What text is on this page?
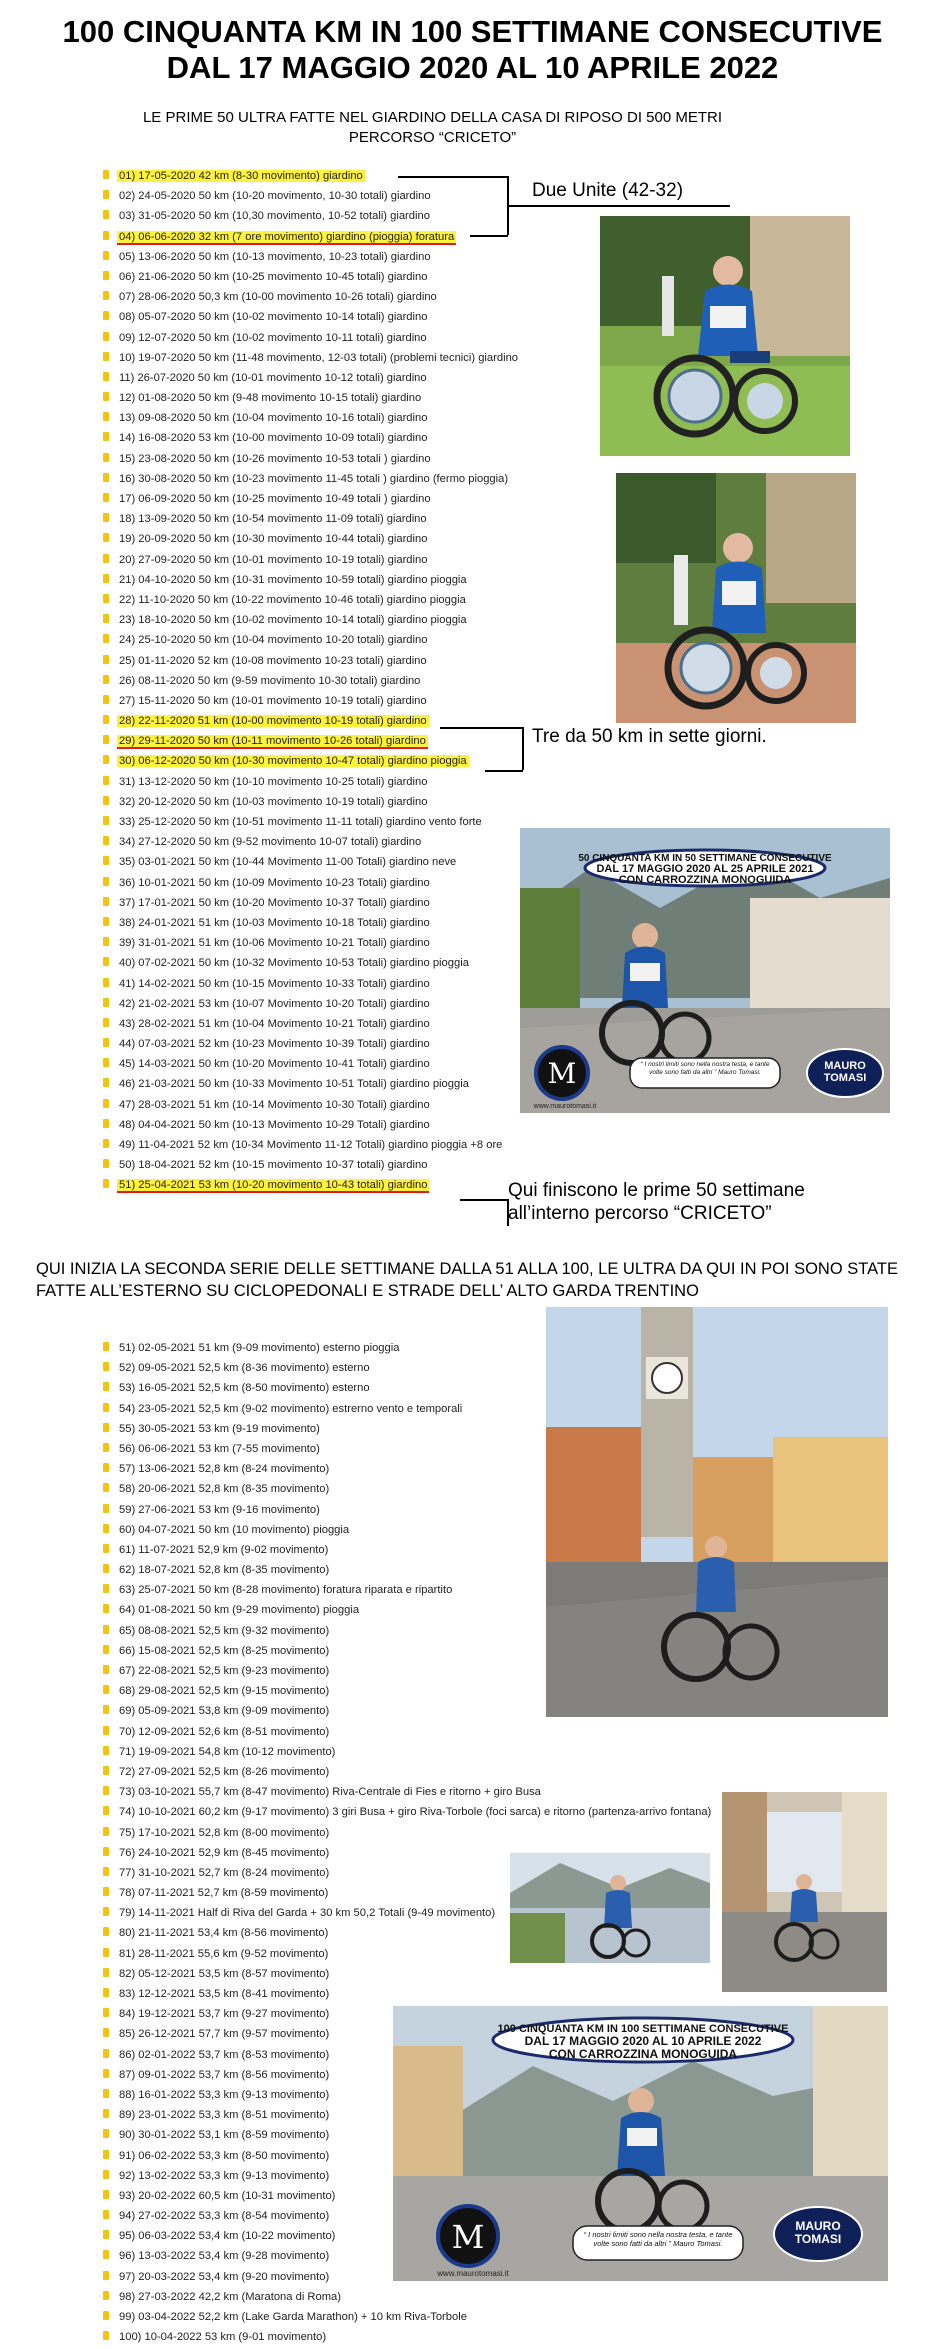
100 CINQUANTA KM IN 100 SETTIMANE CONSECUTIVE
DAL 17 MAGGIO 2020 AL 10 APRILE 2022
LE PRIME 50 ULTRA FATTE NEL GIARDINO DELLA CASA DI RIPOSO DI 500 METRI
PERCORSO “CRICETO”
01) 17-05-2020 42 km (8-30 movimento) giardino
02) 24-05-2020 50 km (10-20 movimento, 10-30 totali) giardino
03) 31-05-2020 50 km (10,30 movimento, 10-52 totali) giardino
04) 06-06-2020 32 km (7 ore movimento) giardino (pioggia) foratura
05) 13-06-2020 50 km (10-13 movimento, 10-23 totali) giardino
06) 21-06-2020 50 km (10-25 movimento 10-45 totali) giardino
07) 28-06-2020 50,3 km (10-00 movimento 10-26 totali) giardino
08) 05-07-2020 50 km (10-02 movimento 10-14 totali) giardino
09) 12-07-2020 50 km (10-02 movimento 10-11 totali) giardino
10) 19-07-2020 50 km (11-48 movimento, 12-03 totali) (problemi tecnici) giardino
11) 26-07-2020 50 km (10-01 movimento 10-12 totali) giardino
12) 01-08-2020 50 km (9-48 movimento 10-15 totali) giardino
13) 09-08-2020 50 km (10-04 movimento 10-16 totali) giardino
14) 16-08-2020 53 km (10-00 movimento 10-09 totali) giardino
15) 23-08-2020 50 km (10-26 movimento 10-53 totali ) giardino
16) 30-08-2020 50 km (10-23 movimento 11-45 totali ) giardino (fermo pioggia)
17) 06-09-2020 50 km (10-25 movimento 10-49 totali ) giardino
18) 13-09-2020 50 km (10-54 movimento 11-09 totali) giardino
19) 20-09-2020 50 km (10-30 movimento 10-44 totali) giardino
20) 27-09-2020 50 km (10-01 movimento 10-19 totali) giardino
21) 04-10-2020 50 km (10-31 movimento 10-59 totali) giardino pioggia
22) 11-10-2020 50 km (10-22 movimento 10-46 totali) giardino pioggia
23) 18-10-2020 50 km (10-02 movimento 10-14 totali) giardino pioggia
24) 25-10-2020 50 km (10-04 movimento 10-20 totali) giardino
25) 01-11-2020 52 km (10-08 movimento 10-23 totali) giardino
26) 08-11-2020 50 km (9-59 movimento 10-30 totali) giardino
27) 15-11-2020 50 km (10-01 movimento 10-19 totali) giardino
28) 22-11-2020 51 km (10-00 movimento 10-19 totali) giardino
29) 29-11-2020 50 km (10-11 movimento 10-26 totali) giardino
30) 06-12-2020 50 km (10-30 movimento 10-47 totali) giardino pioggia
31) 13-12-2020 50 km (10-10 movimento 10-25 totali) giardino
32) 20-12-2020 50 km (10-03 movimento 10-19 totali) giardino
33) 25-12-2020 50 km (10-51 movimento 11-11 totali) giardino vento forte
34) 27-12-2020 50 km (9-52 movimento 10-07 totali) giardino
35) 03-01-2021 50 km (10-44 Movimento 11-00 Totali) giardino neve
36) 10-01-2021 50 km (10-09 Movimento 10-23 Totali) giardino
37) 17-01-2021 50 km (10-20 Movimento 10-37 Totali) giardino
38) 24-01-2021 51 km (10-03 Movimento 10-18 Totali) giardino
39) 31-01-2021 51 km (10-06 Movimento 10-21 Totali) giardino
40) 07-02-2021 50 km (10-32 Movimento 10-53 Totali) giardino pioggia
41) 14-02-2021 50 km (10-15 Movimento 10-33 Totali) giardino
42) 21-02-2021 53 km (10-07 Movimento 10-20 Totali) giardino
43) 28-02-2021 51 km (10-04 Movimento 10-21 Totali) giardino
44) 07-03-2021 52 km (10-23 Movimento 10-39 Totali) giardino
45) 14-03-2021 50 km (10-20 Movimento 10-41 Totali) giardino
46) 21-03-2021 50 km (10-33 Movimento 10-51 Totali) giardino pioggia
47) 28-03-2021 51 km (10-14 Movimento 10-30 Totali) giardino
48) 04-04-2021 50 km (10-13 Movimento 10-29 Totali) giardino
49) 11-04-2021 52 km (10-34 Movimento 11-12 Totali) giardino pioggia +8 ore
50) 18-04-2021 52 km (10-15 movimento 10-37 totali) giardino
51) 25-04-2021 53 km (10-20 movimento 10-43 totali) giardino
Due Unite (42-32)
Tre da 50 km in sette giorni.
Qui finiscono le prime 50 settimane
all’interno percorso “CRICETO”
50 CINQUANTA KM IN 50 SETTIMANE CONSECUTIVE
DAL 17 MAGGIO 2020 AL 25 APRILE 2021
CON CARROZZINA MONOGUIDA
M	“ I nostri limiti sono nella nostra testa, e tante volte sono fatti da altri ” Mauro Tomasi.
MAURO TOMASI
www.maurotomasi.it
QUI INIZIA LA SECONDA SERIE DELLE SETTIMANE DALLA 51 ALLA 100, LE ULTRA DA QUI IN POI SONO STATE FATTE ALL’ESTERNO SU CICLOPEDONALI E STRADE DELL’ ALTO GARDA TRENTINO
51) 02-05-2021 51 km (9-09 movimento) esterno pioggia
52) 09-05-2021 52,5 km (8-36 movimento) esterno
53) 16-05-2021 52,5 km (8-50 movimento) esterno
54) 23-05-2021 52,5 km (9-02 movimento) estrerno vento e temporali
55) 30-05-2021 53 km (9-19 movimento)
56) 06-06-2021 53 km (7-55 movimento)
57) 13-06-2021 52,8 km (8-24 movimento)
58) 20-06-2021 52,8 km (8-35 movimento)
59) 27-06-2021 53 km (9-16 movimento)
60) 04-07-2021 50 km (10 movimento) pioggia
61) 11-07-2021 52,9 km (9-02 movimento)
62) 18-07-2021 52,8 km (8-35 movimento)
63) 25-07-2021 50 km (8-28 movimento) foratura riparata e ripartito
64) 01-08-2021 50 km (9-29 movimento) pioggia
65) 08-08-2021 52,5 km (9-32 movimento)
66) 15-08-2021 52,5 km (8-25 movimento)
67) 22-08-2021 52,5 km (9-23 movimento)
68) 29-08-2021 52,5 km (9-15 movimento)
69) 05-09-2021 53,8 km (9-09 movimento)
70) 12-09-2021 52,6 km (8-51 movimento)
71) 19-09-2021 54,8 km (10-12 movimento)
72) 27-09-2021 52,5 km (8-26 movimento)
73) 03-10-2021 55,7 km (8-47 movimento) Riva-Centrale di Fies e ritorno + giro Busa
74) 10-10-2021 60,2 km (9-17 movimento) 3 giri Busa + giro Riva-Torbole (foci sarca) e ritorno (partenza-arrivo fontana)
75) 17-10-2021 52,8 km (8-00 movimento)
76) 24-10-2021 52,9 km (8-45 movimento)
77) 31-10-2021 52,7 km (8-24 movimento)
78) 07-11-2021 52,7 km (8-59 movimento)
79) 14-11-2021 Half di Riva del Garda + 30 km 50,2 Totali (9-49 movimento)
80) 21-11-2021 53,4 km (8-56 movimento)
81) 28-11-2021 55,6 km (9-52 movimento)
82) 05-12-2021 53,5 km (8-57 movimento)
83) 12-12-2021 53,5 km (8-41 movimento)
84) 19-12-2021 53,7 km (9-27 movimento)
85) 26-12-2021 57,7 km (9-57 movimento)
86) 02-01-2022 53,7 km (8-53 movimento)
87) 09-01-2022 53,7 km (8-56 movimento)
88) 16-01-2022 53,3 km (9-13 movimento)
89) 23-01-2022 53,3 km (8-51 movimento)
90) 30-01-2022 53,1 km (8-59 movimento)
91) 06-02-2022 53,3 km (8-50 movimento)
92) 13-02-2022 53,3 km (9-13 movimento)
93) 20-02-2022 60,5 km (10-31 movimento)
94) 27-02-2022 53,3 km (8-54 movimento)
95) 06-03-2022 53,4 km (10-22 movimento)
96) 13-03-2022 53,4 km (9-28 movimento)
97) 20-03-2022 53,4 km (9-20 movimento)
98) 27-03-2022 42,2 km (Maratona di Roma)
99) 03-04-2022 52,2 km (Lake Garda Marathon) + 10 km Riva-Torbole
100) 10-04-2022 53 km (9-01 movimento)
100 CINQUANTA KM IN 100 SETTIMANE CONSECUTIVE
DAL 17 MAGGIO 2020 AL 10 APRILE 2022
CON CARROZZINA MONOGUIDA
M	“ I nostri limiti sono nella nostra testa, e tante volte sono fatti da altri ” Mauro Tomasi.
MAURO TOMASI
www.maurotomasi.it
